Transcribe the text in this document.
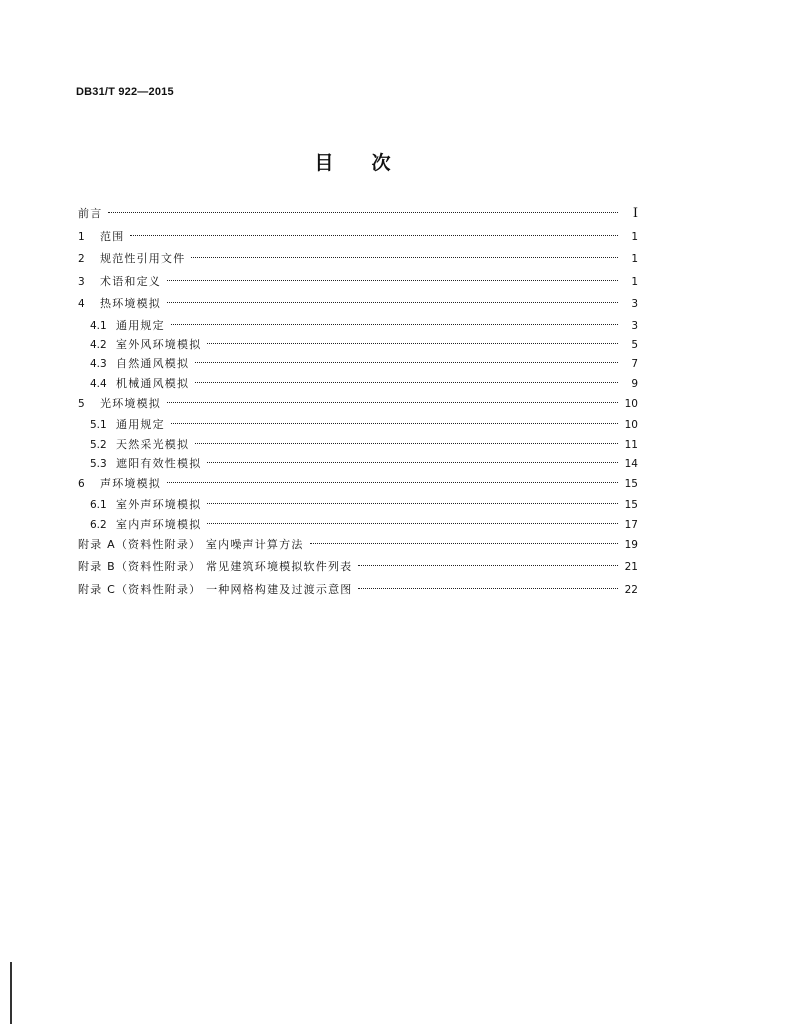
DB31/T 922—2015
目次
前言	I
1	范围	1
2	规范性引用文件	1
3	术语和定义	1
4	热环境模拟	3
4.1 通用规定	3
4.2 室外风环境模拟	5
4.3 自然通风模拟	7
4.4 机械通风模拟	9
5	光环境模拟	10
5.1 通用规定	10
5.2 天然采光模拟	11
5.3 遮阳有效性模拟	14
6	声环境模拟	15
6.1 室外声环境模拟	15
6.2 室内声环境模拟	17
附录 A（资料性附录） 室内噪声计算方法	19
附录 B（资料性附录） 常见建筑环境模拟软件列表	21
附录 C（资料性附录） 一种网格构建及过渡示意图	22
